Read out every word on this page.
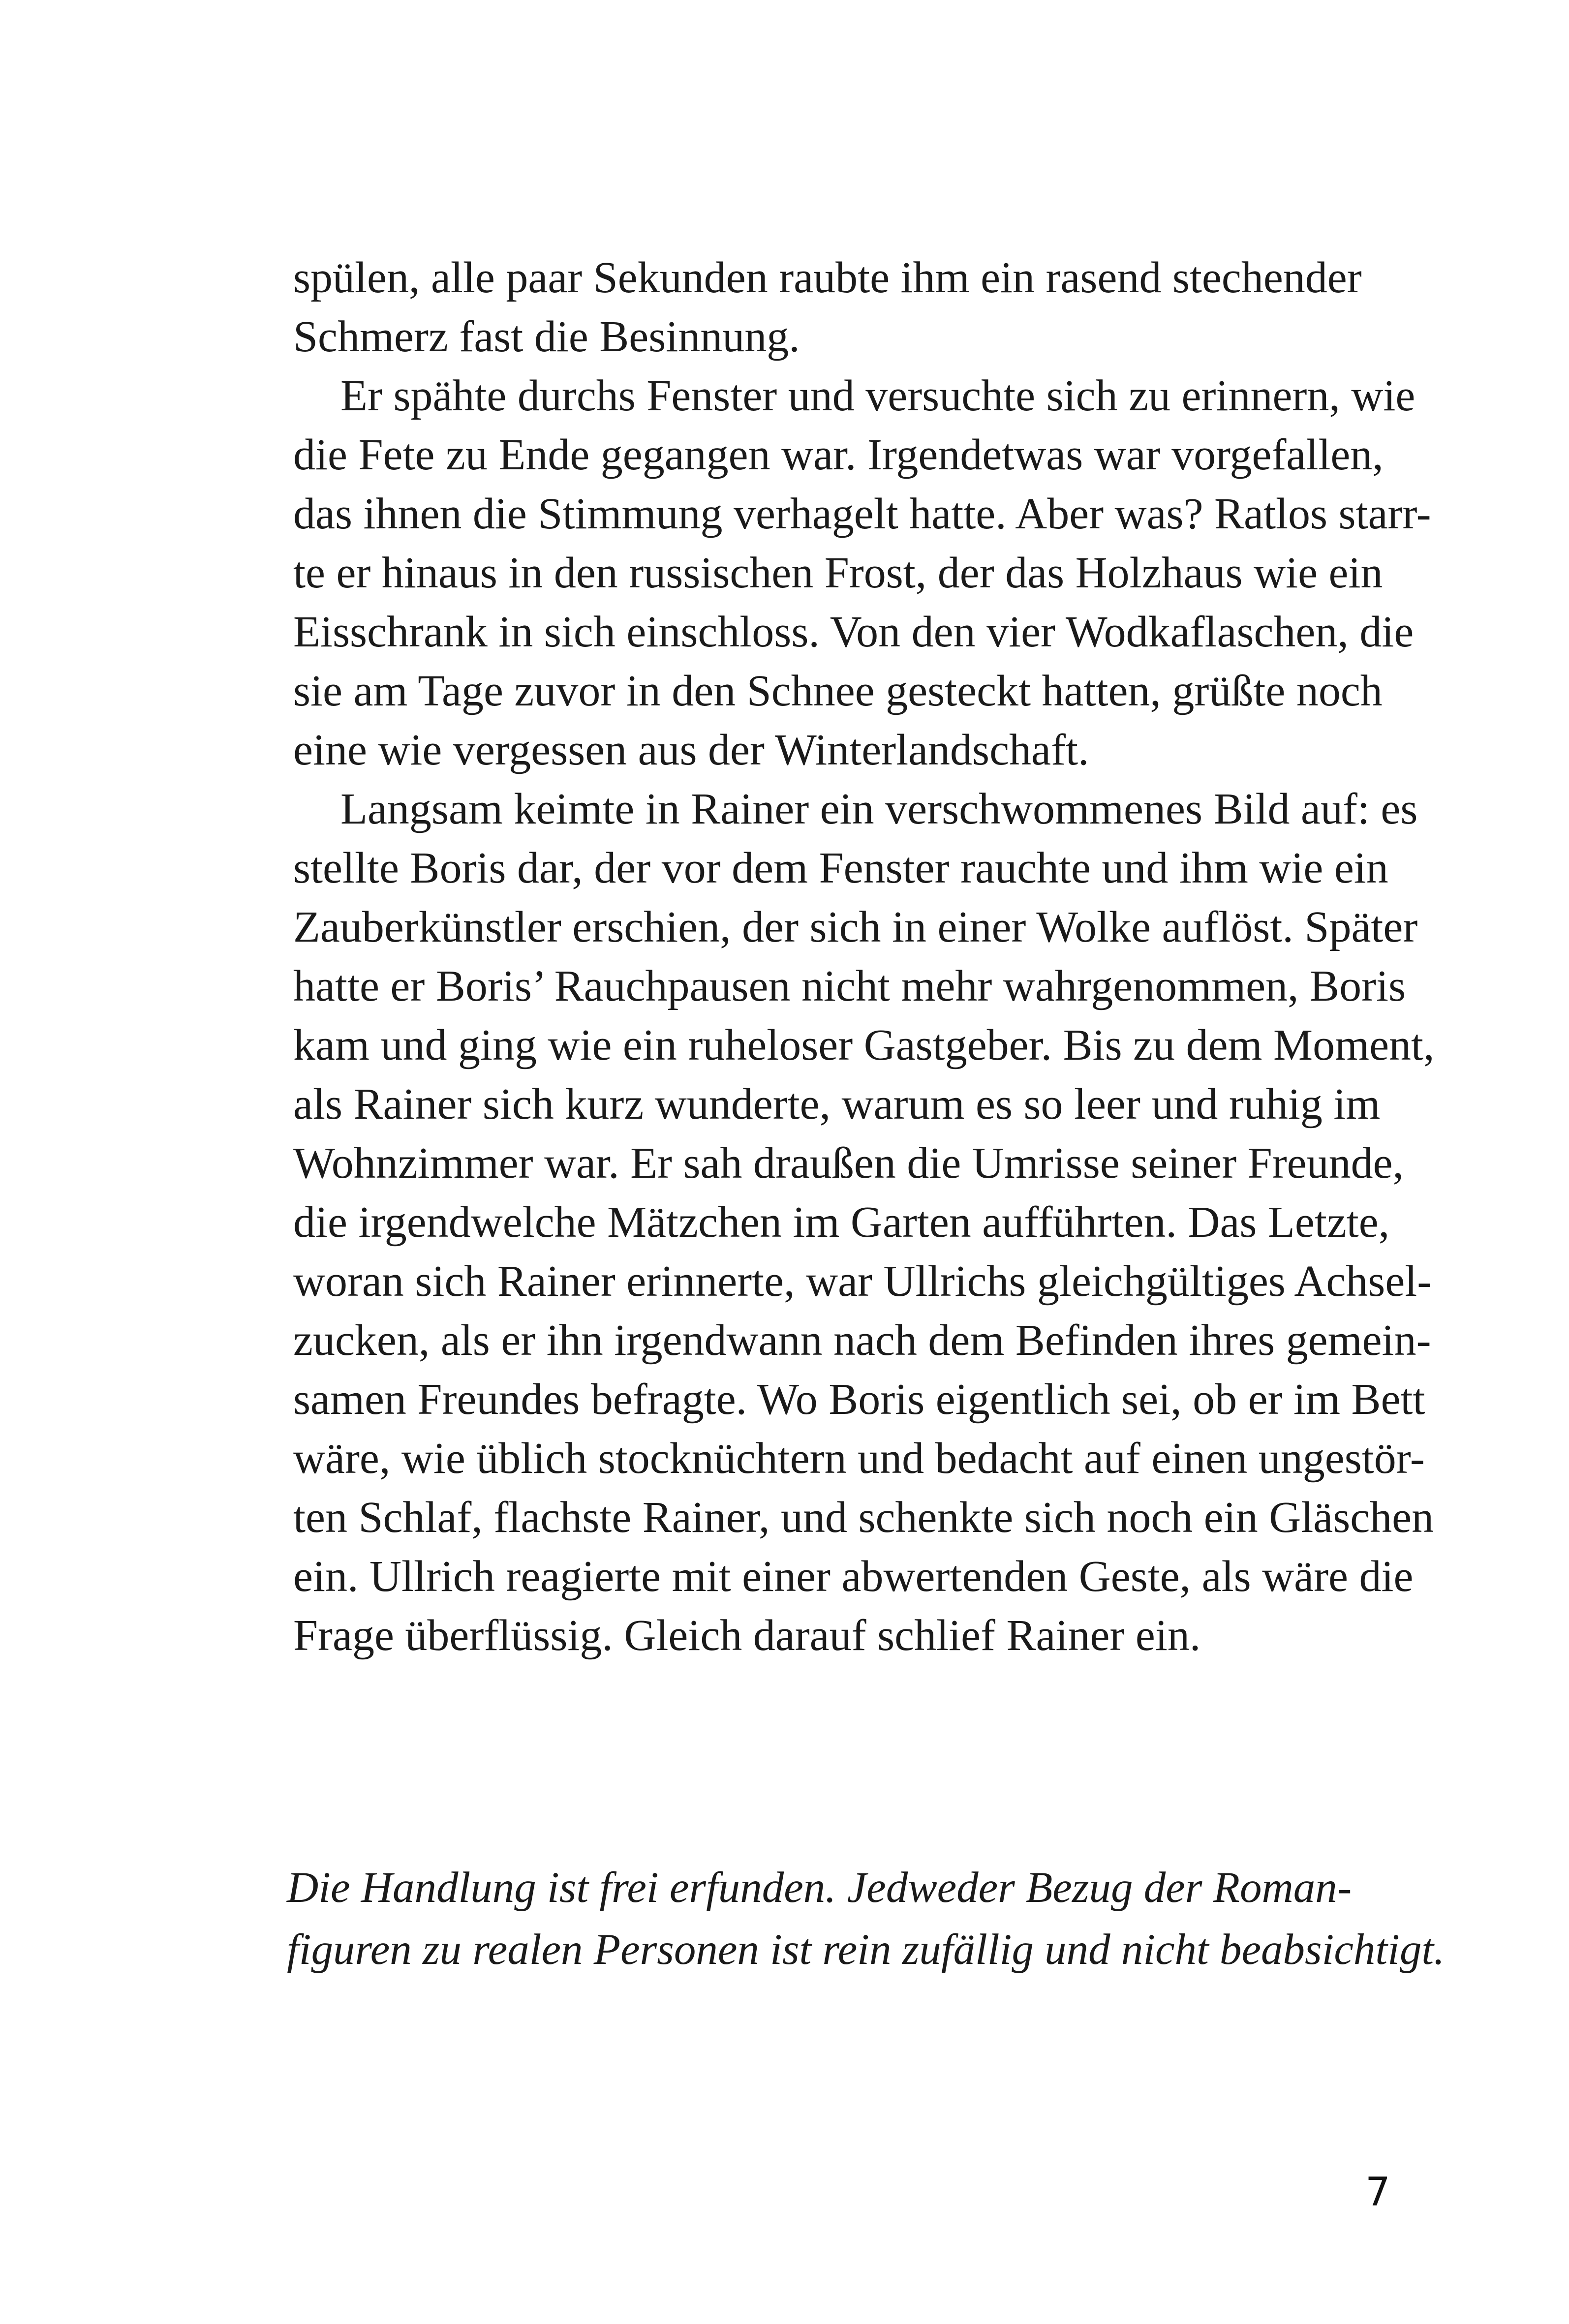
spülen, alle paar Sekunden raubte ihm ein rasend stechender
Schmerz fast die Besinnung.
Er spähte durchs Fenster und versuchte sich zu erinnern, wie
die Fete zu Ende gegangen war. Irgendetwas war vorgefallen,
das ihnen die Stimmung verhagelt hatte. Aber was? Ratlos starr-
te er hinaus in den russischen Frost, der das Holzhaus wie ein
Eisschrank in sich einschloss. Von den vier Wodkaflaschen, die
sie am Tage zuvor in den Schnee gesteckt hatten, grüßte noch
eine wie vergessen aus der Winterlandschaft.
Langsam keimte in Rainer ein verschwommenes Bild auf: es
stellte Boris dar, der vor dem Fenster rauchte und ihm wie ein
Zauberkünstler erschien, der sich in einer Wolke auflöst. Später
hatte er Boris’ Rauchpausen nicht mehr wahrgenommen, Boris
kam und ging wie ein ruheloser Gastgeber. Bis zu dem Moment,
als Rainer sich kurz wunderte, warum es so leer und ruhig im
Wohnzimmer war. Er sah draußen die Umrisse seiner Freunde,
die irgendwelche Mätzchen im Garten aufführten. Das Letzte,
woran sich Rainer erinnerte, war Ullrichs gleichgültiges Achsel-
zucken, als er ihn irgendwann nach dem Befinden ihres gemein-
samen Freundes befragte. Wo Boris eigentlich sei, ob er im Bett
wäre, wie üblich stocknüchtern und bedacht auf einen ungestör-
ten Schlaf, flachste Rainer, und schenkte sich noch ein Gläschen
ein. Ullrich reagierte mit einer abwertenden Geste, als wäre die
Frage überflüssig. Gleich darauf schlief Rainer ein.
Die Handlung ist frei erfunden. Jedweder Bezug der Roman-
figuren zu realen Personen ist rein zufällig und nicht beabsichtigt.
7
